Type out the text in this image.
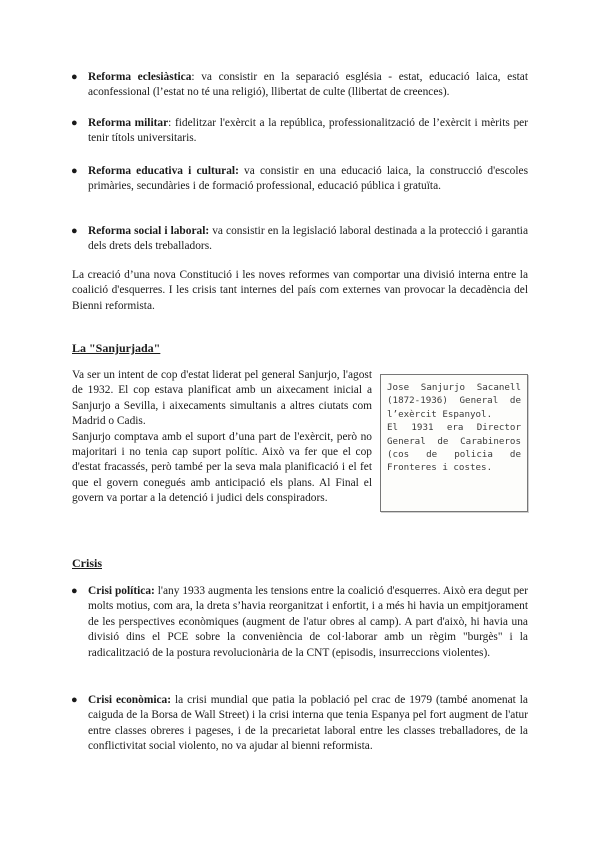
● Reforma eclesiàstica: va consistir en la separació església - estat, educació laica, estat aconfessional (l’estat no té una religió), llibertat de culte (llibertat de creences).
● Reforma militar: fidelitzar l'exèrcit a la república, professionalització de l’exèrcit i mèrits per tenir títols universitaris.
● Reforma educativa i cultural: va consistir en una educació laica, la construcció d'escoles primàries, secundàries i de formació professional, educació pública i gratuïta.
● Reforma social i laboral: va consistir en la legislació laboral destinada a la protecció i garantia dels drets dels treballadors.
La creació d’una nova Constitució i les noves reformes van comportar una divisió interna entre la coalició d'esquerres. I les crisis tant internes del país com externes van provocar la decadència del Bienni reformista.
La "Sanjurjada"

Va ser un intent de cop d'estat liderat pel general Sanjurjo, l'agost de 1932. El cop estava planificat amb un aixecament inicial a Sanjurjo a Sevilla, i aixecaments simultanis a altres ciutats com Madrid o Cadis.

Sanjurjo comptava amb el suport d’una part de l'exèrcit, però no majoritari i no tenia cap suport polític. Això va fer que el cop d'estat fracassés, però també per la seva mala planificació i el fet que el govern conegués amb anticipació els plans. Al Final el govern va portar a la detenció i judici dels conspiradors.

Jose Sanjurjo Sacanell (1872-1936) General de l’exèrcit Espanyol.

El 1931 era Director General de Carabineros (cos de policia de Fronteres i costes.

Crisis
● Crisi política: l'any 1933 augmenta les tensions entre la coalició d'esquerres. Això era degut per molts motius, com ara, la dreta s’havia reorganitzat i enfortit, i a més hi havia un empitjorament de les perspectives econòmiques (augment de l'atur obres al camp). A part d'això, hi havia una divisió dins el PCE sobre la conveniència de col·laborar amb un règim "burgès" i la radicalització de la postura revolucionària de la CNT (episodis, insurreccions violentes).
● Crisi econòmica: la crisi mundial que patia la població pel crac de 1979 (també anomenat la caiguda de la Borsa de Wall Street) i la crisi interna que tenia Espanya pel fort augment de l'atur entre classes obreres i pageses, i de la precarietat laboral entre les classes treballadores, de la conflictivitat social violento, no va ajudar al bienni reformista.
